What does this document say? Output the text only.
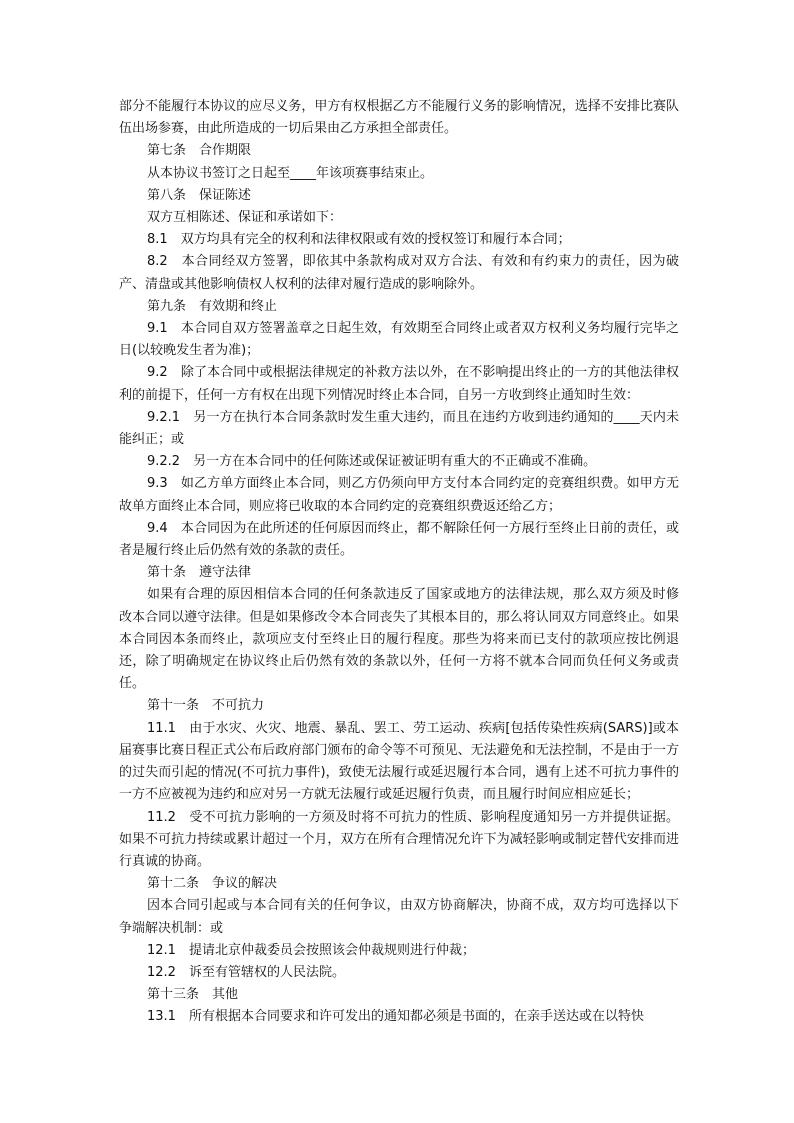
部分不能履行本协议的应尽义务，甲方有权根据乙方不能履行义务的影响情况，选择不安排比赛队伍出场参赛，由此所造成的一切后果由乙方承担全部责任。

第七条　合作期限

从本协议书签订之日起至____年该项赛事结束止。

第八条　保证陈述

双方互相陈述、保证和承诺如下：

8.1　双方均具有完全的权利和法律权限或有效的授权签订和履行本合同；

8.2　本合同经双方签署，即依其中条款构成对双方合法、有效和有约束力的责任，因为破产、清盘或其他影响债权人权利的法律对履行造成的影响除外。

第九条　有效期和终止

9.1　本合同自双方签署盖章之日起生效，有效期至合同终止或者双方权利义务均履行完毕之日(以较晚发生者为准)；

9.2　除了本合同中或根据法律规定的补救方法以外，在不影响提出终止的一方的其他法律权利的前提下，任何一方有权在出现下列情况时终止本合同，自另一方收到终止通知时生效：

9.2.1　另一方在执行本合同条款时发生重大违约，而且在违约方收到违约通知的____天内未能纠正；或

9.2.2　另一方在本合同中的任何陈述或保证被证明有重大的不正确或不准确。

9.3　如乙方单方面终止本合同，则乙方仍须向甲方支付本合同约定的竞赛组织费。如甲方无故单方面终止本合同，则应将已收取的本合同约定的竞赛组织费返还给乙方；

9.4　本合同因为在此所述的任何原因而终止，都不解除任何一方展行至终止日前的责任，或者是履行终止后仍然有效的条款的责任。

第十条　遵守法律

如果有合理的原因相信本合同的任何条款违反了国家或地方的法律法规，那么双方须及时修改本合同以遵守法律。但是如果修改令本合同丧失了其根本目的，那么将认同双方同意终止。如果本合同因本条而终止，款项应支付至终止日的履行程度。那些为将来而已支付的款项应按比例退还，除了明确规定在协议终止后仍然有效的条款以外，任何一方将不就本合同而负任何义务或责任。

第十一条　不可抗力

11.1　由于水灾、火灾、地震、暴乱、罢工、劳工运动、疾病[包括传染性疾病(SARS)]或本届赛事比赛日程正式公布后政府部门颁布的命令等不可预见、无法避免和无法控制，不是由于一方的过失而引起的情况(不可抗力事件)，致使无法履行或延迟履行本合同，遇有上述不可抗力事件的一方不应被视为违约和应对另一方就无法履行或延迟履行负责，而且履行时间应相应延长；

11.2　受不可抗力影响的一方须及时将不可抗力的性质、影响程度通知另一方并提供证据。如果不可抗力持续或累计超过一个月，双方在所有合理情况允许下为减轻影响或制定替代安排而进行真诚的协商。

第十二条　争议的解决

因本合同引起或与本合同有关的任何争议，由双方协商解决，协商不成，双方均可选择以下争端解决机制：或

12.1　提请北京仲裁委员会按照该会仲裁规则进行仲裁；

12.2　诉至有管辖权的人民法院。

第十三条　其他

13.1　所有根据本合同要求和许可发出的通知都必须是书面的，在亲手送达或在以特快
